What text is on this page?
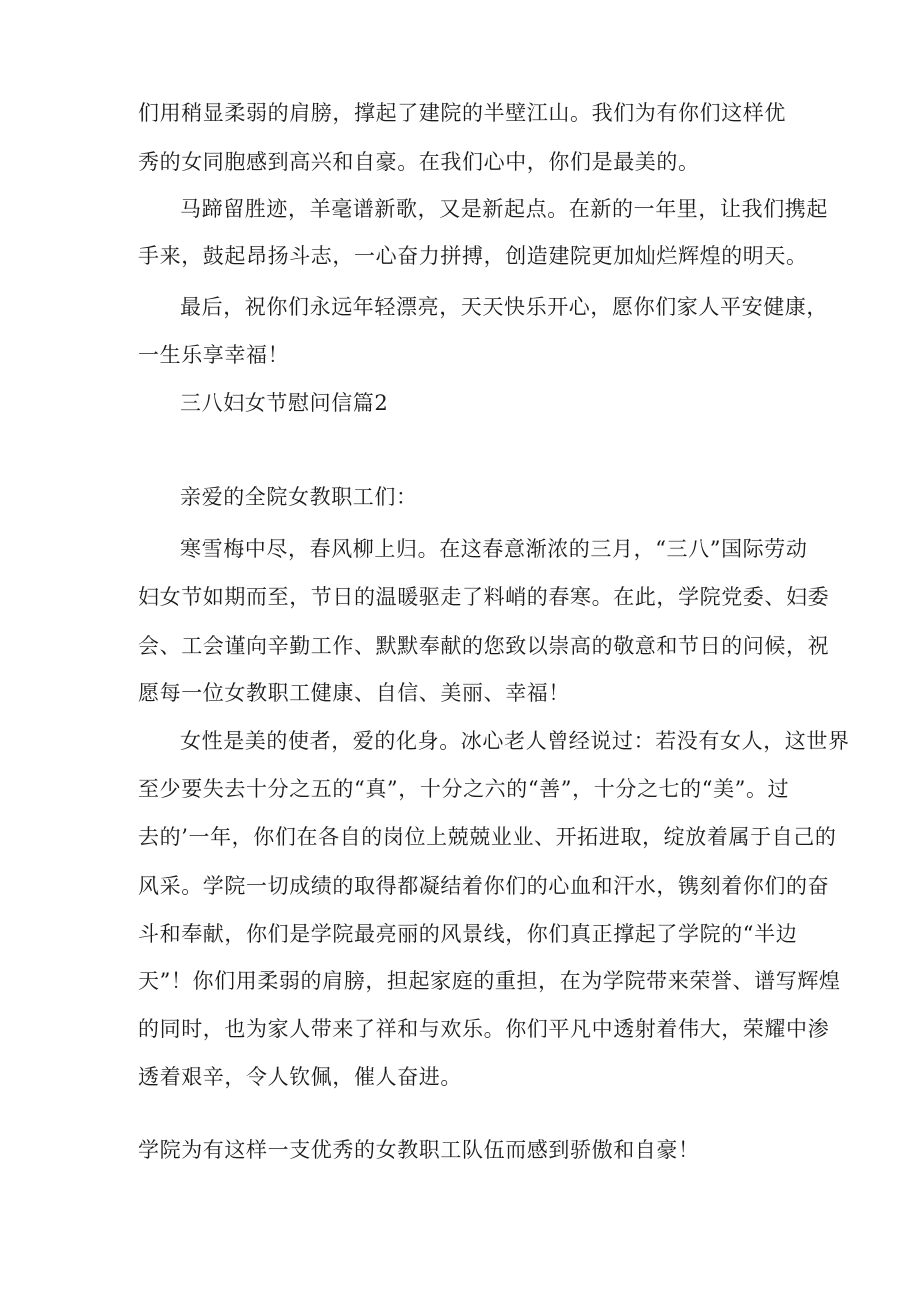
们用稍显柔弱的肩膀，撑起了建院的半壁江山。我们为有你们这样优

秀的女同胞感到高兴和自豪。在我们心中，你们是最美的。

马蹄留胜迹，羊毫谱新歌，又是新起点。在新的一年里，让我们携起

手来，鼓起昂扬斗志，一心奋力拼搏，创造建院更加灿烂辉煌的明天。

最后，祝你们永远年轻漂亮，天天快乐开心，愿你们家人平安健康，

一生乐享幸福！

三八妇女节慰问信篇2

亲爱的全院女教职工们：

寒雪梅中尽，春风柳上归。在这春意渐浓的三月，“三八”国际劳动

妇女节如期而至，节日的温暖驱走了料峭的春寒。在此，学院党委、妇委

会、工会谨向辛勤工作、默默奉献的您致以崇高的敬意和节日的问候，祝

愿每一位女教职工健康、自信、美丽、幸福！

女性是美的使者，爱的化身。冰心老人曾经说过：若没有女人，这世界

至少要失去十分之五的“真”，十分之六的“善”，十分之七的“美”。过

去的’一年，你们在各自的岗位上兢兢业业、开拓进取，绽放着属于自己的

风采。学院一切成绩的取得都凝结着你们的心血和汗水，镌刻着你们的奋

斗和奉献，你们是学院最亮丽的风景线，你们真正撑起了学院的“半边

天”！你们用柔弱的肩膀，担起家庭的重担，在为学院带来荣誉、谱写辉煌

的同时，也为家人带来了祥和与欢乐。你们平凡中透射着伟大，荣耀中渗

透着艰辛，令人钦佩，催人奋进。

学院为有这样一支优秀的女教职工队伍而感到骄傲和自豪！
